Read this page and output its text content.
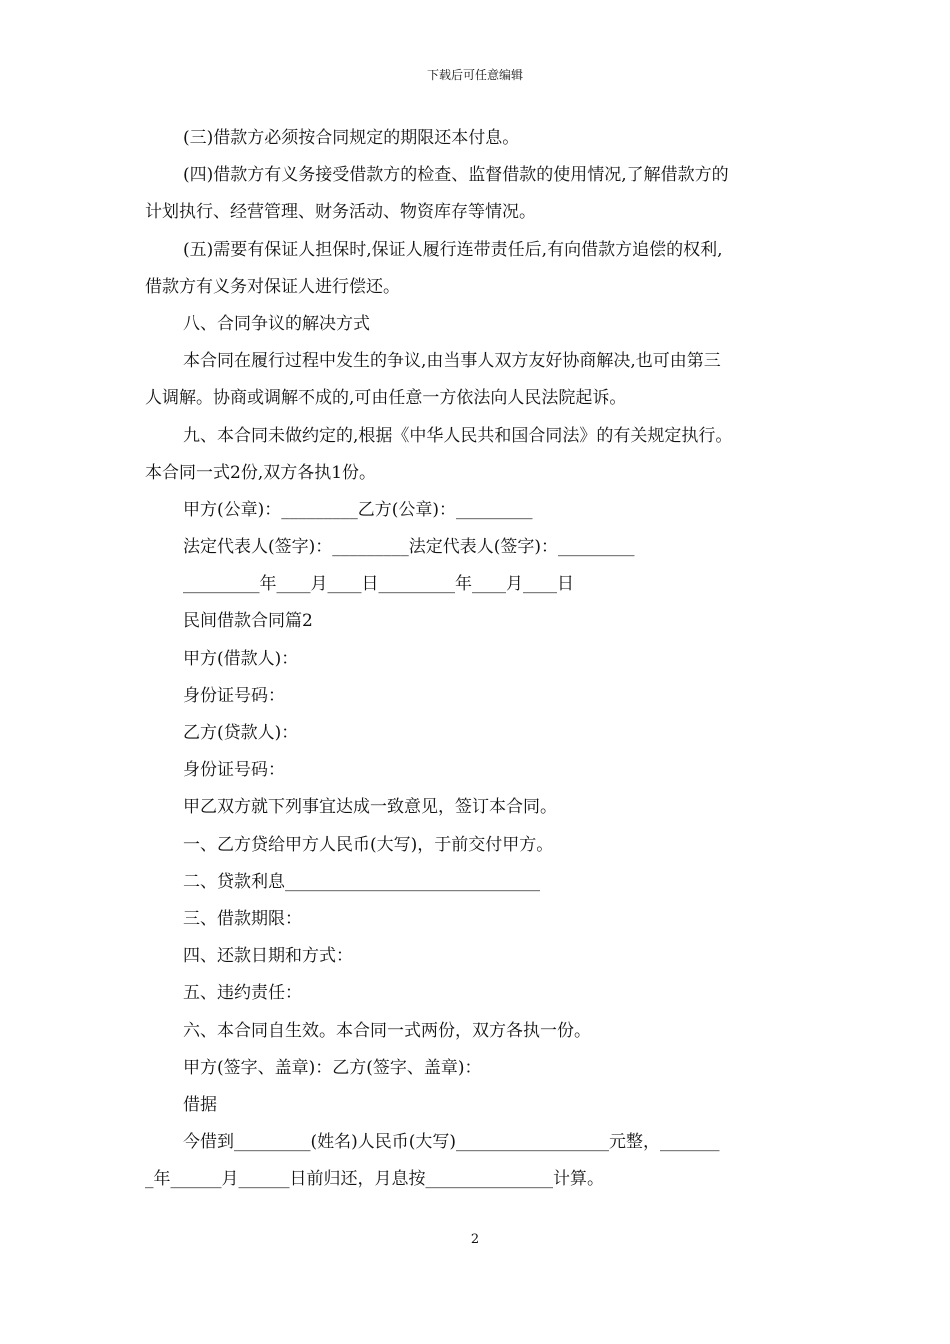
下载后可任意编辑
(三)借款方必须按合同规定的期限还本付息。
(四)借款方有义务接受借款方的检查、监督借款的使用情况,了解借款方的
计划执行、经营管理、财务活动、物资库存等情况。
(五)需要有保证人担保时,保证人履行连带责任后,有向借款方追偿的权利,
借款方有义务对保证人进行偿还。
八、合同争议的解决方式
本合同在履行过程中发生的争议,由当事人双方友好协商解决,也可由第三
人调解。协商或调解不成的,可由任意一方依法向人民法院起诉。
九、本合同未做约定的,根据《中华人民共和国合同法》的有关规定执行。
本合同一式2份,双方各执1份。
甲方(公章)：_________乙方(公章)：_________
法定代表人(签字)：_________法定代表人(签字)：_________
_________年____月____日_________年____月____日
民间借款合同篇2
甲方(借款人)：
身份证号码：
乙方(贷款人)：
身份证号码：
甲乙双方就下列事宜达成一致意见，签订本合同。
一、乙方贷给甲方人民币(大写)，于前交付甲方。
二、贷款利息______________________________
三、借款期限：
四、还款日期和方式：
五、违约责任：
六、本合同自生效。本合同一式两份，双方各执一份。
甲方(签字、盖章)：乙方(签字、盖章)：
借据
今借到_________(姓名)人民币(大写)__________________元整，_______
_年______月______日前归还，月息按_______________计算。
2
